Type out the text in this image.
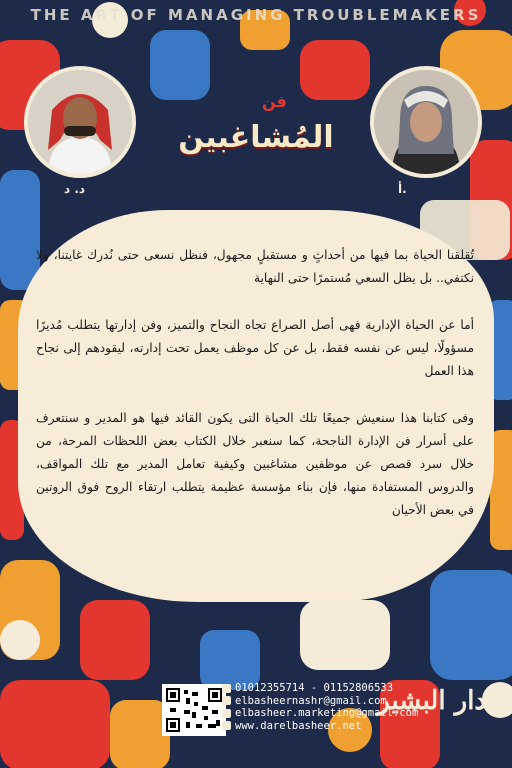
THE ART OF MANAGING TROUBLEMAKERS
د. د	أ.
فن
المُشاغبين

تُقلقنا الحياة بما فيها من أحداثٍ و مستقبلٍ مجهول، فنظل نسعى حتى نُدرك غايتنا، ولا نكتفي.. بل يظل السعي مُستمرًا حتى النهاية

أما عن الحياة الإدارية فهى أصل الصراع تجاه النجاح والتميز، وفن إدارتها يتطلب مُديرًا مسؤولًا، ليس عن نفسه فقط، بل عن كل موظف يعمل تحت إدارته، ليقودهم إلى نجاح هذا العمل

وفى كتابنا هذا سنعيش جميعًا تلك الحياة التى يكون القائد فيها هو المدير و سنتعرف على أسرار فن الإدارة الناجحة، كما سنعبر خلال الكتاب بعض اللحظات المرحة، من خلال سرد قصص عن موظفين مشاغبين وكيفية تعامل المدير مع تلك المواقف، والدروس المستفادة منها، فإن بناء مؤسسة عظيمة يتطلب ارتقاء الروح فوق الروتين في بعض الأحيان

01012355714 - 01152806533
elbasheernashr@gmail.com
elbasheer.marketing@gmail.com
www.darelbasheer.net
دار البشير
